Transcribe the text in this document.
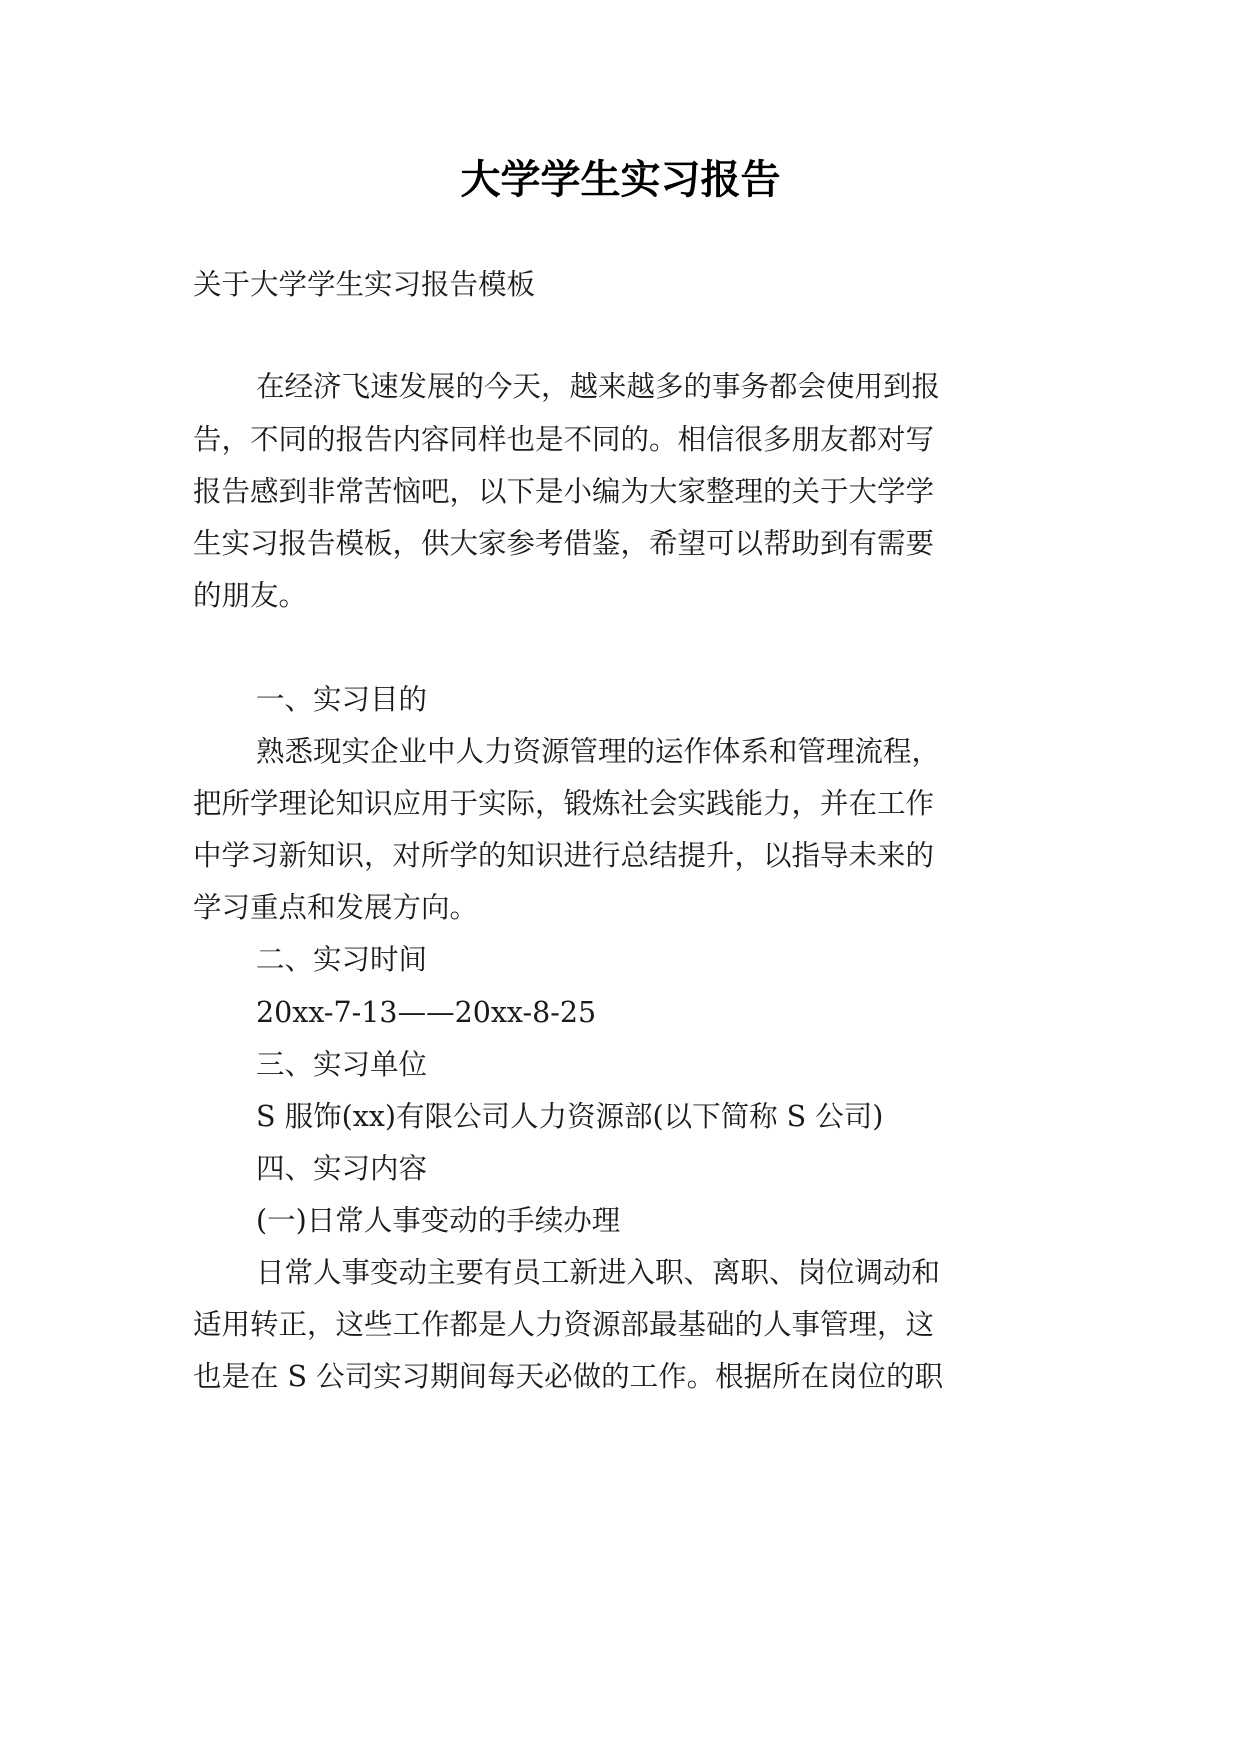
大学学生实习报告

关于大学学生实习报告模板

在经济飞速发展的今天，越来越多的事务都会使用到报

告，不同的报告内容同样也是不同的。相信很多朋友都对写

报告感到非常苦恼吧，以下是小编为大家整理的关于大学学

生实习报告模板，供大家参考借鉴，希望可以帮助到有需要

的朋友。

一、实习目的

熟悉现实企业中人力资源管理的运作体系和管理流程，

把所学理论知识应用于实际，锻炼社会实践能力，并在工作

中学习新知识，对所学的知识进行总结提升，以指导未来的

学习重点和发展方向。

二、实习时间

20xx-7-13——20xx-8-25

三、实习单位

S 服饰(xx)有限公司人力资源部(以下简称 S 公司)

四、实习内容

(一)日常人事变动的手续办理

日常人事变动主要有员工新进入职、离职、岗位调动和

适用转正，这些工作都是人力资源部最基础的人事管理，这

也是在 S 公司实习期间每天必做的工作。根据所在岗位的职
